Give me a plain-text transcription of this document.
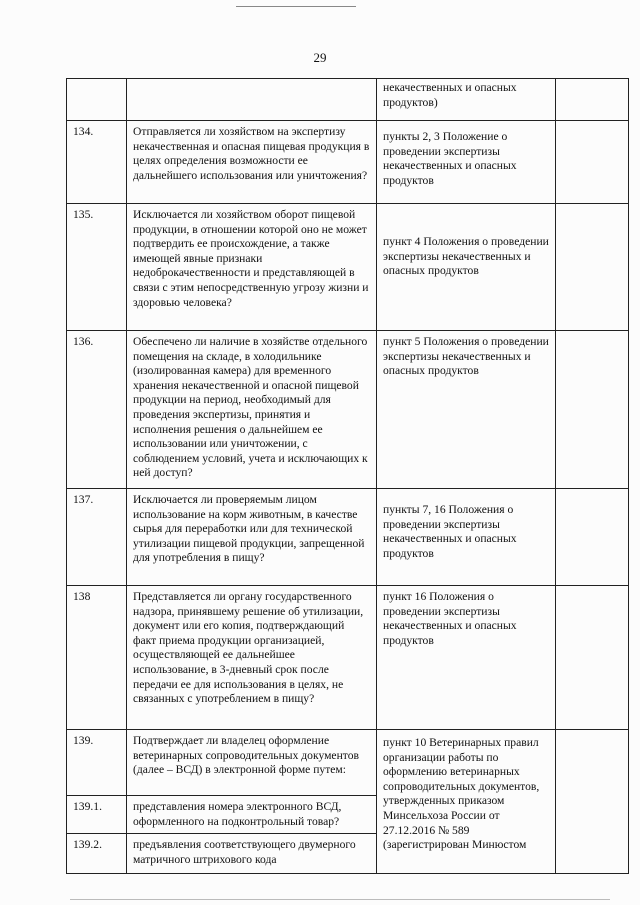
29
		некачественных и опасных продуктов)	
134.	Отправляется ли хозяйством на экспертизу некачественная и опасная пищевая продукция в целях определения возможности ее дальнейшего использования или уничтожения?	пункты 2, 3 Положение о проведении экспертизы некачественных и опасных продуктов	
135.	Исключается ли хозяйством оборот пищевой продукции, в отношении которой оно не может подтвердить ее происхождение, а также имеющей явные признаки недоброкачественности и представляющей в связи с этим непосредственную угрозу жизни и здоровью человека?	пункт 4 Положения о проведении экспертизы некачественных и опасных продуктов	
136.	Обеспечено ли наличие в хозяйстве отдельного помещения на складе, в холодильнике (изолированная камера) для временного хранения некачественной и опасной пищевой продукции на период, необходимый для проведения экспертизы, принятия и исполнения решения о дальнейшем ее использовании или уничтожении, с соблюдением условий, учета и исключающих к ней доступ?	пункт 5 Положения о проведении экспертизы некачественных и опасных продуктов	
137.	Исключается ли проверяемым лицом использование на корм животным, в качестве сырья для переработки или для технической утилизации пищевой продукции, запрещенной для употребления в пищу?	пункты 7, 16 Положения о проведении экспертизы некачественных и опасных продуктов	
138	Представляется ли органу государственного надзора, принявшему решение об утилизации, документ или его копия, подтверждающий факт приема продукции организацией, осуществляющей ее дальнейшее использование, в 3-дневный срок после передачи ее для использования в целях, не связанных с употреблением в пищу?	пункт 16 Положения о проведении экспертизы некачественных и опасных продуктов	
139.	Подтверждает ли владелец оформление ветеринарных сопроводительных документов (далее – ВСД) в электронной форме путем:	пункт 10 Ветеринарных правил организации работы по оформлению ветеринарных сопроводительных документов, утвержденных приказом Минсельхоза России от 27.12.2016 № 589 (зарегистрирован Минюстом	
139.1.	представления номера электронного ВСД, оформленного на подконтрольный товар?		
139.2.	предъявления соответствующего двумерного матричного штрихового кода		
